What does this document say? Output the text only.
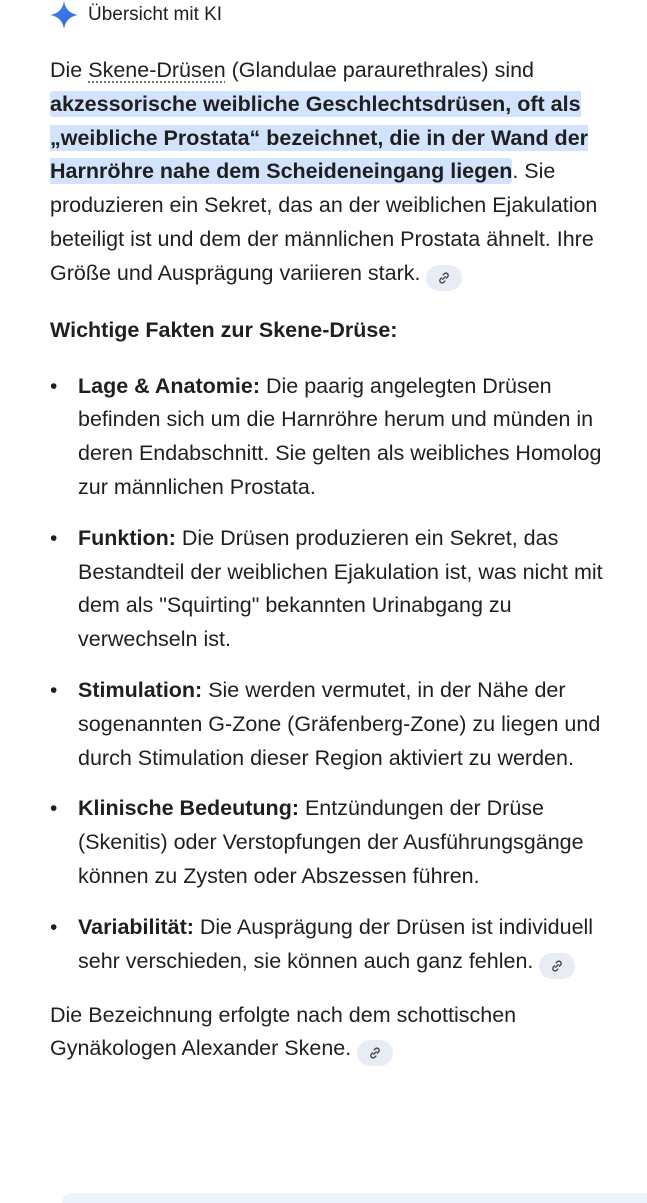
Übersicht mit KI

Die Skene-Drüsen (Glandulae paraurethrales) sind akzessorische weibliche Geschlechtsdrüsen, oft als „weibliche Prostata“ bezeichnet, die in der Wand der Harnröhre nahe dem Scheideneingang liegen. Sie produzieren ein Sekret, das an der weiblichen Ejakulation beteiligt ist und dem der männlichen Prostata ähnelt. Ihre Größe und Ausprägung variieren stark.

Wichtige Fakten zur Skene-Drüse:

• Lage & Anatomie: Die paarig angelegten Drüsen befinden sich um die Harnröhre herum und münden in deren Endabschnitt. Sie gelten als weibliches Homolog zur männlichen Prostata.
• Funktion: Die Drüsen produzieren ein Sekret, das Bestandteil der weiblichen Ejakulation ist, was nicht mit dem als "Squirting" bekannten Urinabgang zu verwechseln ist.
• Stimulation: Sie werden vermutet, in der Nähe der sogenannten G-Zone (Gräfenberg-Zone) zu liegen und durch Stimulation dieser Region aktiviert zu werden.
• Klinische Bedeutung: Entzündungen der Drüse (Skenitis) oder Verstopfungen der Ausführungsgänge können zu Zysten oder Abszessen führen.
• Variabilität: Die Ausprägung der Drüsen ist individuell sehr verschieden, sie können auch ganz fehlen.

Die Bezeichnung erfolgte nach dem schottischen Gynäkologen Alexander Skene.
